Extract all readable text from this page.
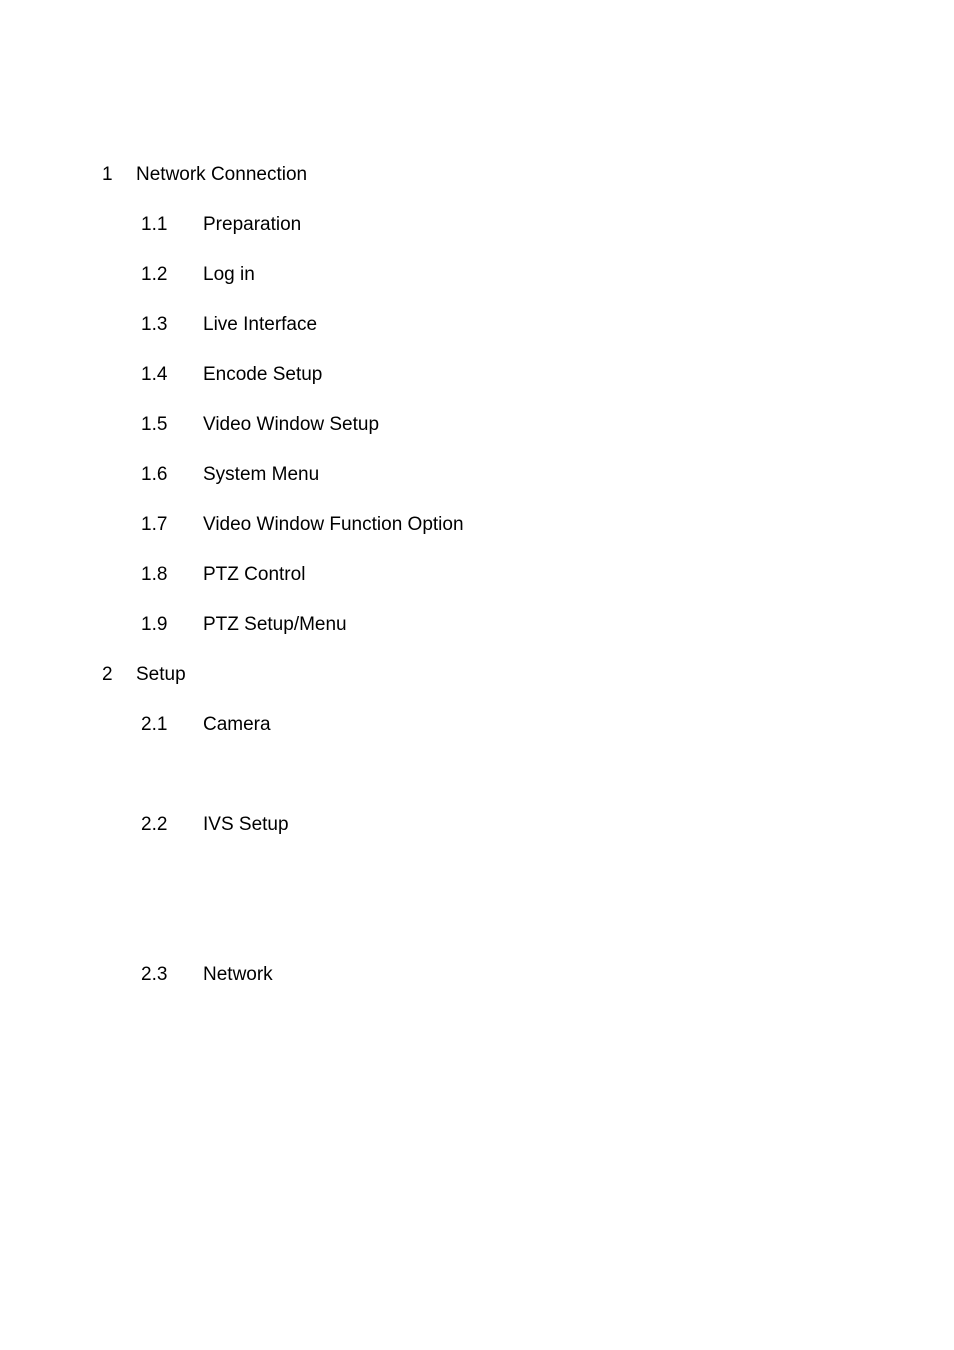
1 Network Connection
1.1 Preparation
1.2 Log in
1.3 Live Interface
1.4 Encode Setup
1.5 Video Window Setup
1.6 System Menu
1.7 Video Window Function Option
1.8 PTZ Control
1.9 PTZ Setup/Menu
2 Setup
2.1 Camera
2.2 IVS Setup
2.3 Network
